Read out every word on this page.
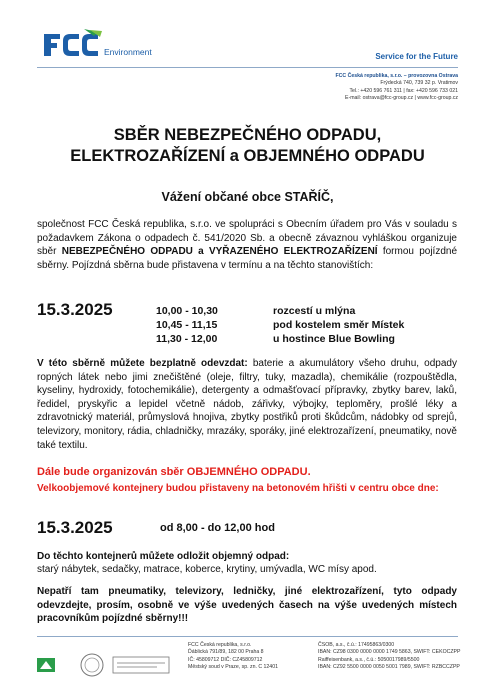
Environment	Service for the Future
FCC Česká republika, s.r.o. – provozovna Ostrava
Frýdecká 740, 739 32 p. Vratimov
Tel.: +420 596 761 311 | fax: +420 596 733 021
E-mail: ostrava@fcc-group.cz | www.fcc-group.cz
SBĚR NEBEZPEČNÉHO ODPADU,
ELEKTROZAŘÍZENÍ a OBJEMNÉHO ODPADU
Vážení občané obce STAŘÍČ,
společnost FCC Česká republika, s.r.o. ve spolupráci s Obecním úřadem pro Vás v souladu s požadavkem Zákona o odpadech č. 541/2020 Sb. a obecně závaznou vyhláškou organizuje sběr NEBEZPEČNÉHO ODPADU a VYŘAZENÉHO ELEKTROZAŘÍZENÍ formou pojízdné sběrny. Pojízdná sběrna bude přistavena v termínu a na těchto stanovištích:
15.3.2025	10,00 - 10,30	rozcestí u mlýna
10,45 - 11,15	pod kostelem směr Místek
11,30 - 12,00	u hostince Blue Bowling
V této sběrně můžete bezplatně odevzdat: baterie a akumulátory všeho druhu, odpady ropných látek nebo jimi znečištěné (oleje, filtry, tuky, mazadla), chemikálie (rozpouštědla, kyseliny, hydroxidy, fotochemikálie), detergenty a odmašťovací přípravky, zbytky barev, laků, ředidel, pryskyřic a lepidel včetně nádob, zářivky, výbojky, teploměry, prošlé léky a zdravotnický materiál, průmyslová hnojiva, zbytky postřiků proti škůdcům, nádobky od sprejů, televizory, monitory, rádia, chladničky, mrazáky, sporáky, jiné elektrozařízení, pneumatiky, nově také textilu.
Dále bude organizován sběr OBJEMNÉHO ODPADU.
Velkoobjemové kontejnery budou přistaveny na betonovém hřišti v centru obce dne:
15.3.2025	od 8,00 - do 12,00 hod
Do těchto kontejnerů můžete odložit objemný odpad:
starý nábytek, sedačky, matrace, koberce, krytiny, umývadla, WC mísy apod.
Nepatří tam pneumatiky, televizory, ledničky, jiné elektrozařízení, tyto odpady odevzdejte, prosím, osobně ve výše uvedených časech na výše uvedených místech pracovníkům pojízdné sběrny!!!
FCC Česká republika, s.r.o.
Ďáblická 791/89, 182 00 Praha 8
IČ: 45809712 DIČ: CZ45809712
Městský soud v Praze, sp. zn. C 12401
ČSOB, a.s., č.ú.: 17495863/0300
IBAN: CZ98 0300 0000 0000 1749 5863, SWIFT: CEKOCZPP
Raiffeisenbank, a.s., č.ú.: 5050017989/5500
IBAN: CZ92 5500 0000 0050 5001 7989, SWIFT: RZBCCZPP
